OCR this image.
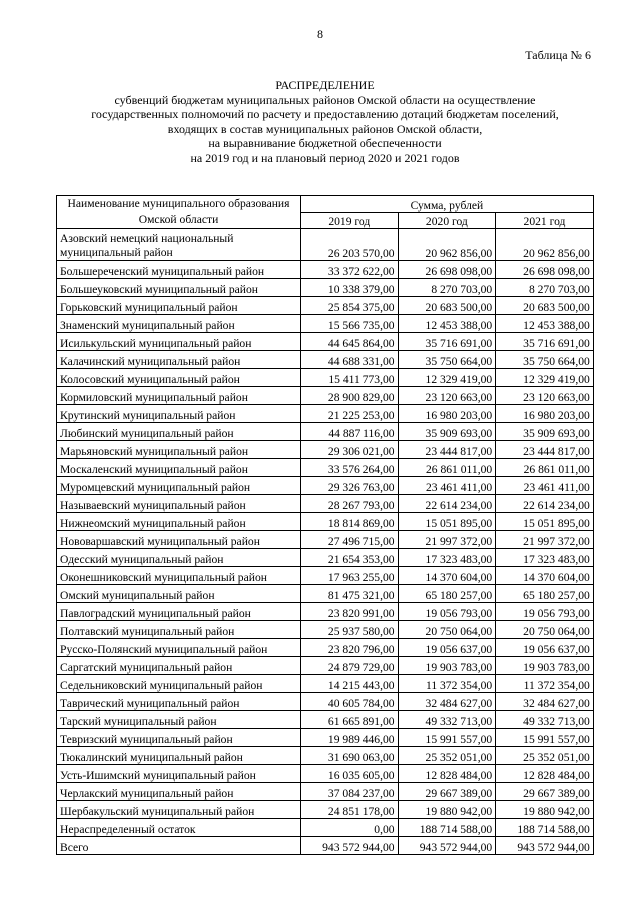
8
Таблица № 6
РАСПРЕДЕЛЕНИЕ
субвенций бюджетам муниципальных районов Омской области на осуществление
государственных полномочий по расчету и предоставлению дотаций бюджетам поселений,
входящих в состав муниципальных районов Омской области,
на выравнивание бюджетной обеспеченности
на 2019 год и на плановый период 2020 и 2021 годов
Наименование муниципального образования Омской области	Сумма, рублей		
	2019 год	2020 год	2021 год
Азовский немецкий национальный муниципальный район	26 203 570,00	20 962 856,00	20 962 856,00
Большереченский муниципальный район	33 372 622,00	26 698 098,00	26 698 098,00
Большеуковский муниципальный район	10 338 379,00	8 270 703,00	8 270 703,00
Горьковский муниципальный район	25 854 375,00	20 683 500,00	20 683 500,00
Знаменский муниципальный район	15 566 735,00	12 453 388,00	12 453 388,00
Исилькульский муниципальный район	44 645 864,00	35 716 691,00	35 716 691,00
Калачинский муниципальный район	44 688 331,00	35 750 664,00	35 750 664,00
Колосовский муниципальный район	15 411 773,00	12 329 419,00	12 329 419,00
Кормиловский муниципальный район	28 900 829,00	23 120 663,00	23 120 663,00
Крутинский муниципальный район	21 225 253,00	16 980 203,00	16 980 203,00
Любинский муниципальный район	44 887 116,00	35 909 693,00	35 909 693,00
Марьяновский муниципальный район	29 306 021,00	23 444 817,00	23 444 817,00
Москаленский муниципальный район	33 576 264,00	26 861 011,00	26 861 011,00
Муромцевский муниципальный район	29 326 763,00	23 461 411,00	23 461 411,00
Называевский муниципальный район	28 267 793,00	22 614 234,00	22 614 234,00
Нижнеомский муниципальный район	18 814 869,00	15 051 895,00	15 051 895,00
Нововаршавский муниципальный район	27 496 715,00	21 997 372,00	21 997 372,00
Одесский муниципальный район	21 654 353,00	17 323 483,00	17 323 483,00
Оконешниковский муниципальный район	17 963 255,00	14 370 604,00	14 370 604,00
Омский муниципальный район	81 475 321,00	65 180 257,00	65 180 257,00
Павлоградский муниципальный район	23 820 991,00	19 056 793,00	19 056 793,00
Полтавский муниципальный район	25 937 580,00	20 750 064,00	20 750 064,00
Русско-Полянский муниципальный район	23 820 796,00	19 056 637,00	19 056 637,00
Саргатский муниципальный район	24 879 729,00	19 903 783,00	19 903 783,00
Седельниковский муниципальный район	14 215 443,00	11 372 354,00	11 372 354,00
Таврический муниципальный район	40 605 784,00	32 484 627,00	32 484 627,00
Тарский муниципальный район	61 665 891,00	49 332 713,00	49 332 713,00
Тевризский муниципальный район	19 989 446,00	15 991 557,00	15 991 557,00
Тюкалинский муниципальный район	31 690 063,00	25 352 051,00	25 352 051,00
Усть-Ишимский муниципальный район	16 035 605,00	12 828 484,00	12 828 484,00
Черлакский муниципальный район	37 084 237,00	29 667 389,00	29 667 389,00
Шербакульский муниципальный район	24 851 178,00	19 880 942,00	19 880 942,00
Нераспределенный остаток	0,00	188 714 588,00	188 714 588,00
Всего	943 572 944,00	943 572 944,00	943 572 944,00
